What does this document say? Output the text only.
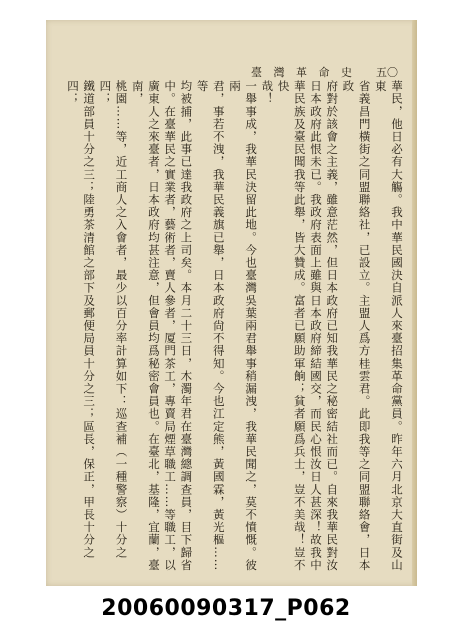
臺 灣 革 命 史 五〇

華民，他日必有大觴。我中華民國決自派人來臺招集革命黨員。昨年六月北京大直街及山東

省義昌門橫街之同盟聯絡社，已設立。主盟人爲方桂雲君。此即我等之同盟聯絡會，日本政

府對於該會之主義，雖意茫然，但日本政府已知我華民之秘密結社而已。自來我華民對汝

日本政府此恨未已。我政府表面上雖與日本政府締結國交，而民心恨汝日人甚深！故我中

華民族及臺民聞我等此舉，皆大贊成。富者已願助軍餉；貧者願爲兵士，豈不美哉！豈不快

哉！

一舉事成，我華民決留此地。今也臺灣吳葉兩君舉事稍漏洩，我華民聞之，莫不憤慨。彼兩

君，事若不洩，我華民義旗已舉，日本政府尙不得知。今也江定熊，黃國霖，黃光樞……等

均被捕，此事已達我政府之上司矣。本月二十三日，木濁年君在臺灣總調查員，目下歸省

中。在臺華民之實業者，藝術者，賣人參者，厦門茶工，專賣局煙草職工……等職工，以

廣東人之來臺者，日本政府均甚注意，但會員均爲秘密會員也。在臺北，基隆，宜蘭，臺南，

桃園……等，近工商人之入會者，最少以百分率計算如下：巡查補（一種警察）十分之四；

鐵道部員十分之三；陸勇茶清館之部下及郵便局員十分之三；區長，保正，甲長十分之四；

20060090317_P062
